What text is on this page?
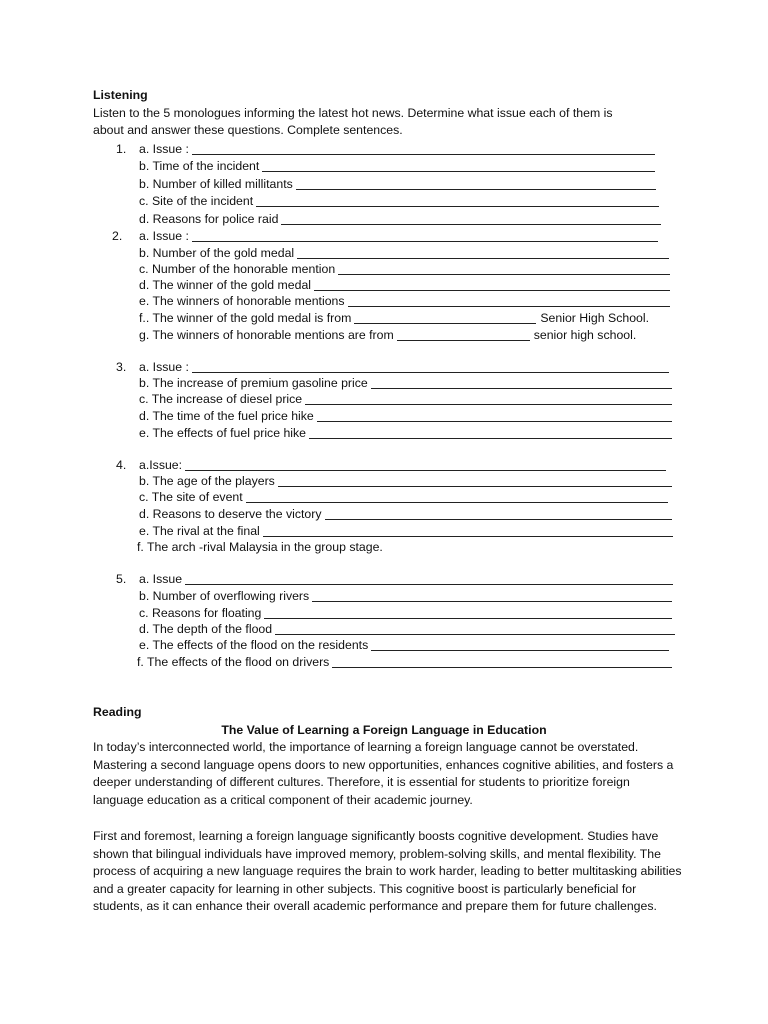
Listening
Listen to the 5 monologues informing the latest hot news. Determine what issue each of them is
about and answer these questions. Complete sentences.
1. a. Issue :
b. Time of the incident
b. Number of killed millitants
c. Site of the incident
d. Reasons for police raid
2. a. Issue :
b. Number of the gold medal
c. Number of the honorable mention
d. The winner of the gold medal
e. The winners of honorable mentions
f.. The winner of the gold medal is from	Senior High School.
g. The winners of honorable mentions are from	senior high school.
3. a. Issue :
b. The increase of premium gasoline price
c. The increase of diesel price
d. The time of the fuel price hike
e. The effects of fuel price hike
4. a.Issue:
b. The age of the players
c. The site of event
d. Reasons to deserve the victory
e. The rival at the final
f. The arch -rival Malaysia in the group stage.
5. a. Issue
b. Number of overflowing rivers
c. Reasons for floating
d. The depth of the flood
e. The effects of the flood on the residents
f. The effects of the flood on drivers
Reading
The Value of Learning a Foreign Language in Education
In today’s interconnected world, the importance of learning a foreign language cannot be overstated. Mastering a second language opens doors to new opportunities, enhances cognitive abilities, and fosters a deeper understanding of different cultures. Therefore, it is essential for students to prioritize foreign language education as a critical component of their academic journey.
First and foremost, learning a foreign language significantly boosts cognitive development. Studies have shown that bilingual individuals have improved memory, problem-solving skills, and mental flexibility. The process of acquiring a new language requires the brain to work harder, leading to better multitasking abilities and a greater capacity for learning in other subjects. This cognitive boost is particularly beneficial for students, as it can enhance their overall academic performance and prepare them for future challenges.
